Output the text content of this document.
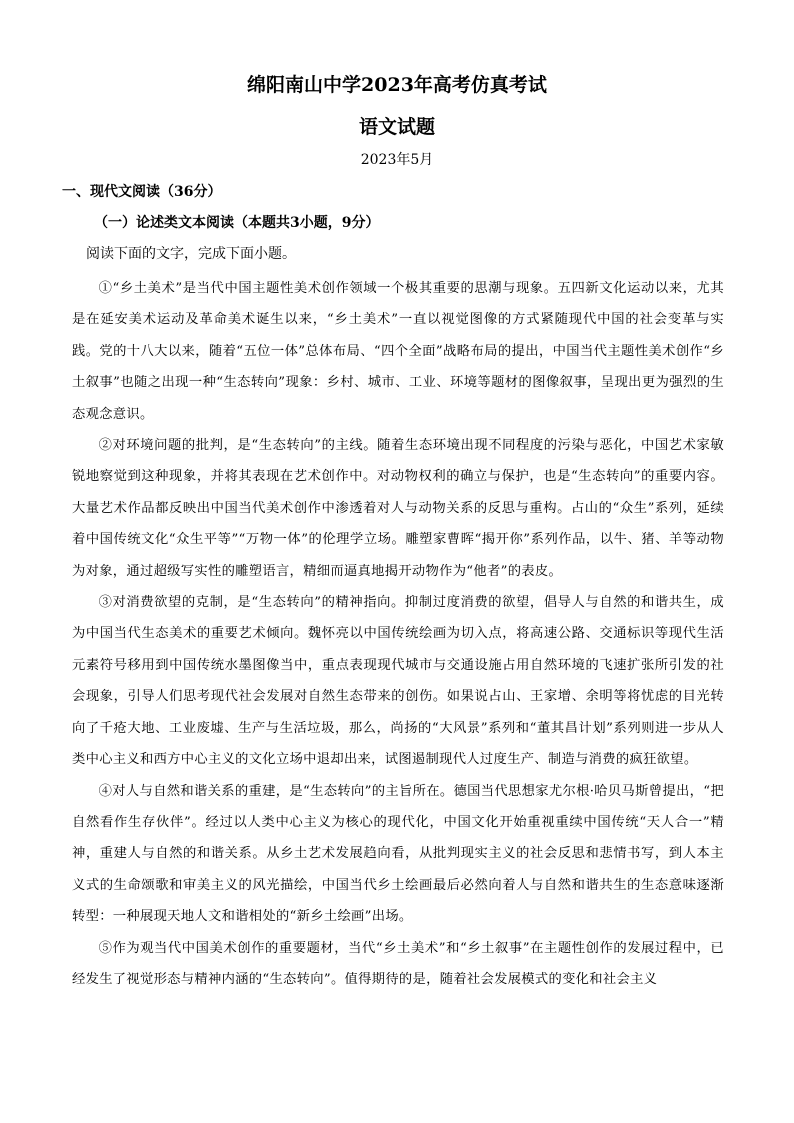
绵阳南山中学2023年高考仿真考试
语文试题
2023年5月
一、现代文阅读（36分）
（一）论述类文本阅读（本题共3小题，9分）
阅读下面的文字，完成下面小题。

①“乡土美术”是当代中国主题性美术创作领域一个极其重要的思潮与现象。五四新文化运动以来，尤其是在延安美术运动及革命美术诞生以来，“乡土美术”一直以视觉图像的方式紧随现代中国的社会变革与实践。党的十八大以来，随着“五位一体”总体布局、“四个全面”战略布局的提出，中国当代主题性美术创作“乡土叙事”也随之出现一种“生态转向”现象：乡村、城市、工业、环境等题材的图像叙事，呈现出更为强烈的生态观念意识。

②对环境问题的批判，是“生态转向”的主线。随着生态环境出现不同程度的污染与恶化，中国艺术家敏锐地察觉到这种现象，并将其表现在艺术创作中。对动物权利的确立与保护，也是“生态转向”的重要内容。大量艺术作品都反映出中国当代美术创作中渗透着对人与动物关系的反思与重构。占山的“众生”系列，延续着中国传统文化“众生平等”“万物一体”的伦理学立场。雕塑家曹晖“揭开你”系列作品，以牛、猪、羊等动物为对象，通过超级写实性的雕塑语言，精细而逼真地揭开动物作为“他者”的表皮。

③对消费欲望的克制，是“生态转向”的精神指向。抑制过度消费的欲望，倡导人与自然的和谐共生，成为中国当代生态美术的重要艺术倾向。魏怀亮以中国传统绘画为切入点，将高速公路、交通标识等现代生活元素符号移用到中国传统水墨图像当中，重点表现现代城市与交通设施占用自然环境的飞速扩张所引发的社会现象，引导人们思考现代社会发展对自然生态带来的创伤。如果说占山、王家增、余明等将忧虑的目光转向了千疮大地、工业废墟、生产与生活垃圾，那么，尚扬的“大风景”系列和“董其昌计划”系列则进一步从人类中心主义和西方中心主义的文化立场中退却出来，试图遏制现代人过度生产、制造与消费的疯狂欲望。

④对人与自然和谐关系的重建，是“生态转向”的主旨所在。德国当代思想家尤尔根·哈贝马斯曾提出，“把自然看作生存伙伴”。经过以人类中心主义为核心的现代化，中国文化开始重视重续中国传统“天人合一”精神，重建人与自然的和谐关系。从乡土艺术发展趋向看，从批判现实主义的社会反思和悲情书写，到人本主义式的生命颂歌和审美主义的风光描绘，中国当代乡土绘画最后必然向着人与自然和谐共生的生态意味逐渐转型：一种展现天地人文和谐相处的“新乡土绘画”出场。

⑤作为观当代中国美术创作的重要题材，当代“乡土美术”和“乡土叙事”在主题性创作的发展过程中，已经发生了视觉形态与精神内涵的“生态转向”。值得期待的是，随着社会发展模式的变化和社会主义
